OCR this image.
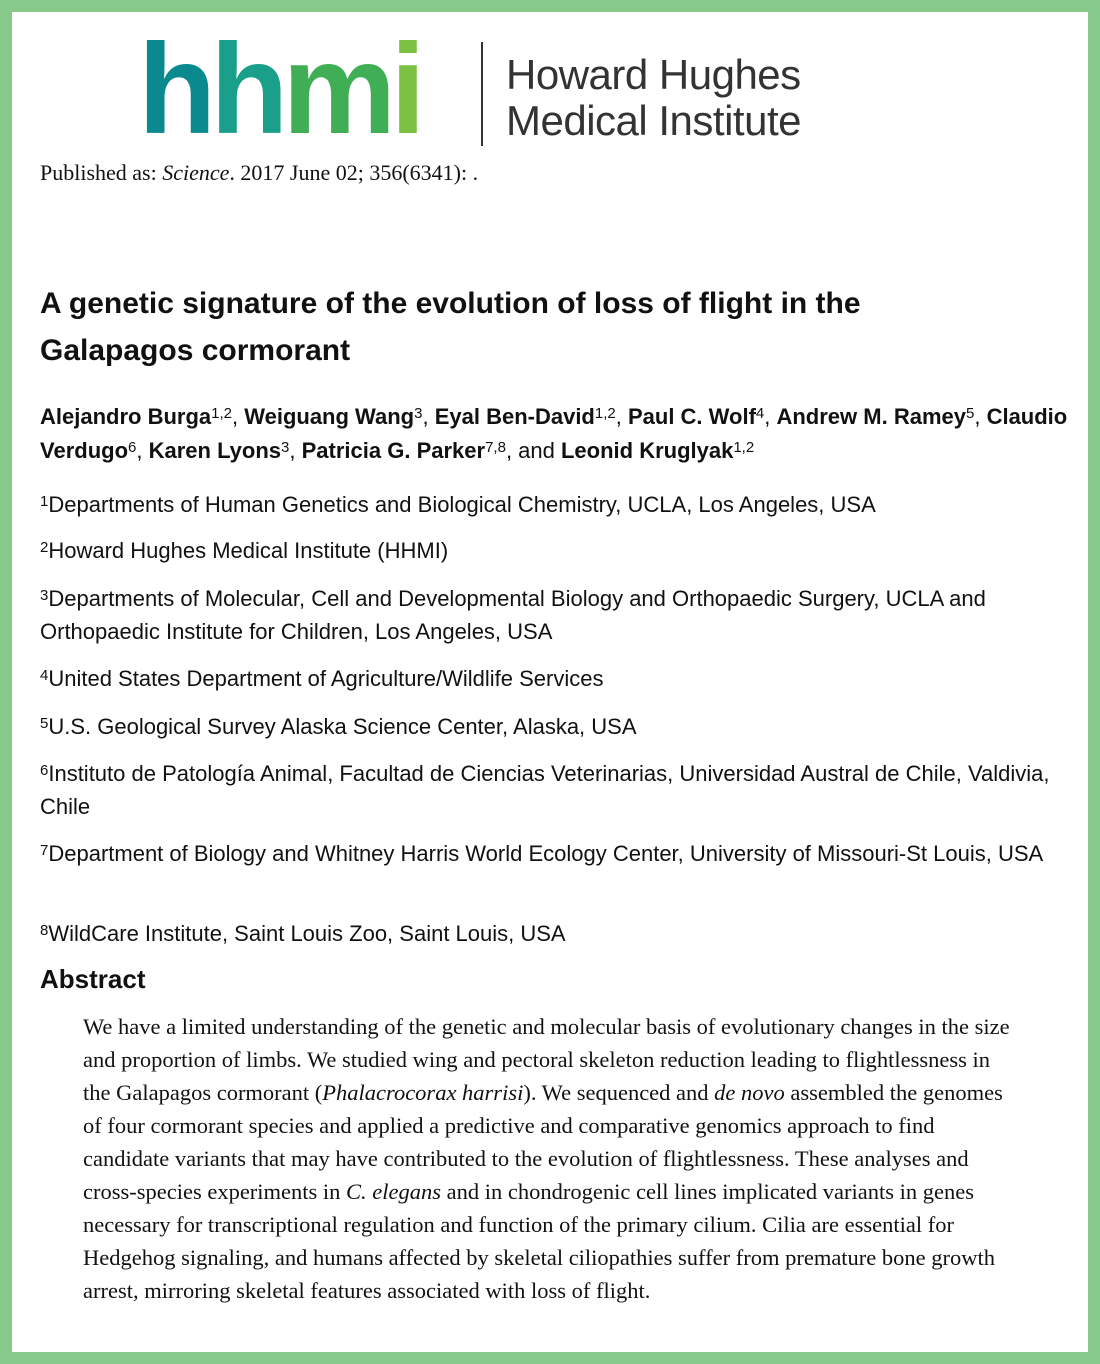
hhmi Howard Hughes
Medical Institute
Published as: Science. 2017 June 02; 356(6341): .
A genetic signature of the evolution of loss of flight in the Galapagos cormorant
Alejandro Burga$^{1,2}$, Weiguang Wang$^3$, Eyal Ben-David$^{1,2}$, Paul C. Wolf$^4$, Andrew M. Ramey$^5$, Claudio Verdugo$^6$, Karen Lyons$^3$, Patricia G. Parker$^{7,8}$, and Leonid Kruglyak$^{1,2}$
Abstract

We have a limited understanding of the genetic and molecular basis of evolutionary changes in the size and proportion of limbs. We studied wing and pectoral skeleton reduction leading to flightlessness in the Galapagos cormorant (Phalacrocorax harrisi). We sequenced and de novo assembled the genomes of four cormorant species and applied a predictive and comparative genomics approach to find candidate variants that may have contributed to the evolution of flightlessness. These analyses and cross-species experiments in C. elegans and in chondrogenic cell lines implicated variants in genes necessary for transcriptional regulation and function of the primary cilium. Cilia are essential for Hedgehog signaling, and humans affected by skeletal ciliopathies suffer from premature bone growth arrest, mirroring skeletal features associated with loss of flight.

$^1$Departments of Human Genetics and Biological Chemistry, UCLA, Los Angeles, USA
$^2$Howard Hughes Medical Institute (HHMI)
$^3$Departments of Molecular, Cell and Developmental Biology and Orthopaedic Surgery, UCLA and Orthopaedic Institute for Children, Los Angeles, USA
$^4$United States Department of Agriculture/Wildlife Services
$^5$U.S. Geological Survey Alaska Science Center, Alaska, USA
$^6$Instituto de Patología Animal, Facultad de Ciencias Veterinarias, Universidad Austral de Chile, Valdivia, Chile
$^7$Department of Biology and Whitney Harris World Ecology Center, University of Missouri-St Louis, USA
$^8$WildCare Institute, Saint Louis Zoo, Saint Louis, USA
